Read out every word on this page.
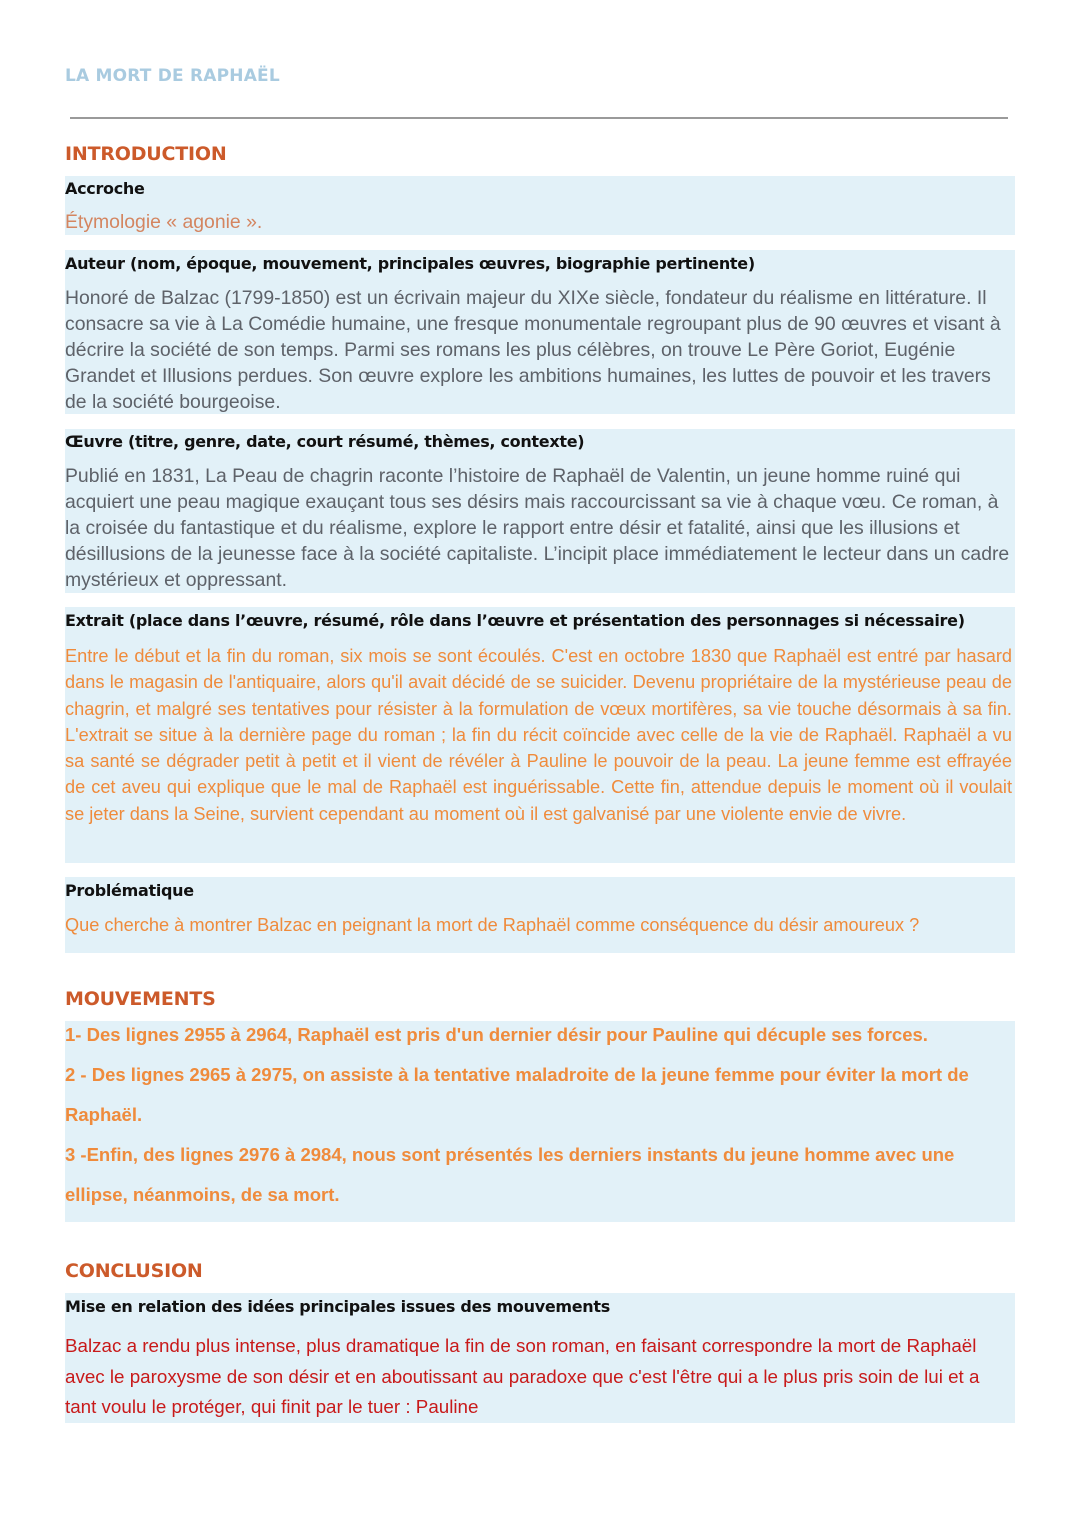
LA MORT DE RAPHAËL
INTRODUCTION
Accroche
Étymologie « agonie ».
Auteur (nom, époque, mouvement, principales œuvres, biographie pertinente)

Honoré de Balzac (1799-1850) est un écrivain majeur du XIXe siècle, fondateur du réalisme en littérature. Il consacre sa vie à La Comédie humaine, une fresque monumentale regroupant plus de 90 œuvres et visant à décrire la société de son temps. Parmi ses romans les plus célèbres, on trouve Le Père Goriot, Eugénie Grandet et Illusions perdues. Son œuvre explore les ambitions humaines, les luttes de pouvoir et les travers de la société bourgeoise.

Œuvre (titre, genre, date, court résumé, thèmes, contexte)

Publié en 1831, La Peau de chagrin raconte l’histoire de Raphaël de Valentin, un jeune homme ruiné qui acquiert une peau magique exauçant tous ses désirs mais raccourcissant sa vie à chaque vœu. Ce roman, à la croisée du fantastique et du réalisme, explore le rapport entre désir et fatalité, ainsi que les illusions et désillusions de la jeunesse face à la société capitaliste. L’incipit place immédiatement le lecteur dans un cadre mystérieux et oppressant.

Extrait (place dans l’œuvre, résumé, rôle dans l’œuvre et présentation des personnages si nécessaire)

Entre le début et la fin du roman, six mois se sont écoulés. C'est en octobre 1830 que Raphaël est entré par hasard dans le magasin de l'antiquaire, alors qu'il avait décidé de se suicider. Devenu propriétaire de la mystérieuse peau de chagrin, et malgré ses tentatives pour résister à la formulation de vœux mortifères, sa vie touche désormais à sa fin. L'extrait se situe à la dernière page du roman ; la fin du récit coïncide avec celle de la vie de Raphaël. Raphaël a vu sa santé se dégrader petit à petit et il vient de révéler à Pauline le pouvoir de la peau. La jeune femme est effrayée de cet aveu qui explique que le mal de Raphaël est inguérissable. Cette fin, attendue depuis le moment où il voulait se jeter dans la Seine, survient cependant au moment où il est galvanisé par une violente envie de vivre.

Problématique
Que cherche à montrer Balzac en peignant la mort de Raphaël comme conséquence du désir amoureux ?
MOUVEMENTS
1- Des lignes 2955 à 2964, Raphaël est pris d'un dernier désir pour Pauline qui décuple ses forces.
2 - Des lignes 2965 à 2975, on assiste à la tentative maladroite de la jeune femme pour éviter la mort de
Raphaël.
3 -Enfin, des lignes 2976 à 2984, nous sont présentés les derniers instants du jeune homme avec une
ellipse, néanmoins, de sa mort.
CONCLUSION
Mise en relation des idées principales issues des mouvements

Balzac a rendu plus intense, plus dramatique la fin de son roman, en faisant correspondre la mort de Raphaël avec le paroxysme de son désir et en aboutissant au paradoxe que c'est l'être qui a le plus pris soin de lui et a tant voulu le protéger, qui finit par le tuer : Pauline
